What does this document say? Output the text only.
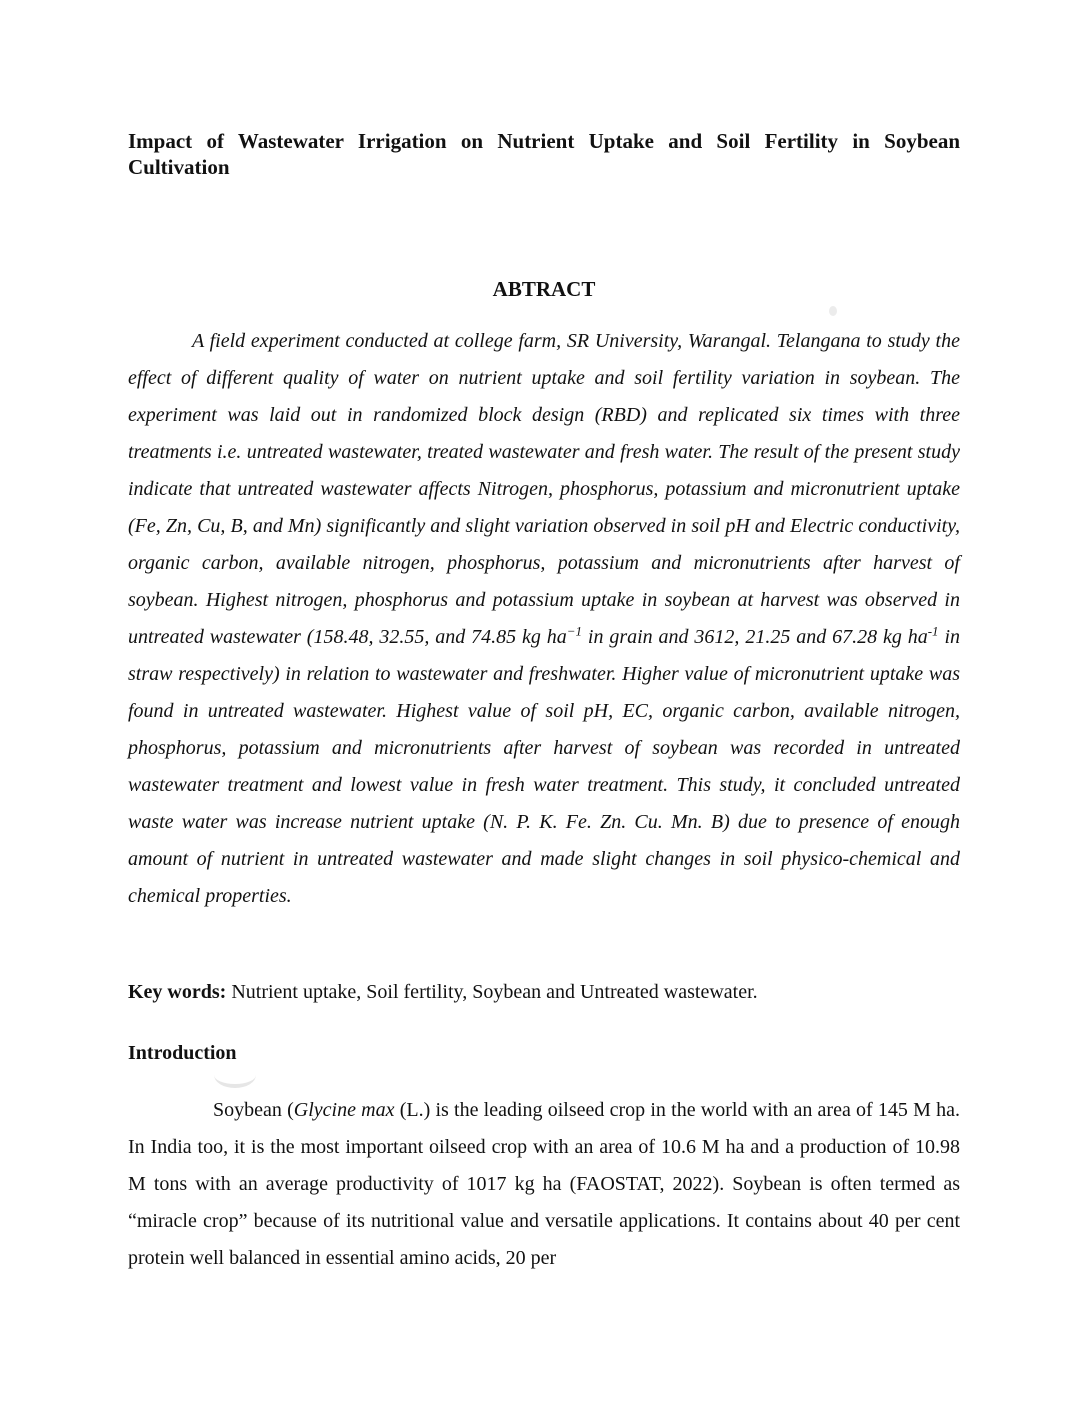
Impact of Wastewater Irrigation on Nutrient Uptake and Soil Fertility in Soybean Cultivation
ABTRACT

A field experiment conducted at college farm, SR University, Warangal. Telangana to study the effect of different quality of water on nutrient uptake and soil fertility variation in soybean. The experiment was laid out in randomized block design (RBD) and replicated six times with three treatments i.e. untreated wastewater, treated wastewater and fresh water. The result of the present study indicate that untreated wastewater affects Nitrogen, phosphorus, potassium and micronutrient uptake (Fe, Zn, Cu, B, and Mn) significantly and slight variation observed in soil pH and Electric conductivity, organic carbon, available nitrogen, phosphorus, potassium and micronutrients after harvest of soybean. Highest nitrogen, phosphorus and potassium uptake in soybean at harvest was observed in untreated wastewater (158.48, 32.55, and 74.85 kg $ha^{-1}$ in grain and 3612, 21.25 and 67.28 kg $ha^{-1}$ in straw respectively) in relation to wastewater and freshwater. Higher value of micronutrient uptake was found in untreated wastewater. Highest value of soil pH, EC, organic carbon, available nitrogen, phosphorus, potassium and micronutrients after harvest of soybean was recorded in untreated wastewater treatment and lowest value in fresh water treatment. This study, it concluded untreated waste water was increase nutrient uptake (N. P. K. Fe. Zn. Cu. Mn. B) due to presence of enough amount of nutrient in untreated wastewater and made slight changes in soil physico-chemical and chemical properties.

Key words: Nutrient uptake, Soil fertility, Soybean and Untreated wastewater.
Introduction

Soybean (Glycine max (L.) is the leading oilseed crop in the world with an area of 145 M ha. In India too, it is the most important oilseed crop with an area of 10.6 M ha and a production of 10.98 M tons with an average productivity of 1017 kg ha (FAOSTAT, 2022). Soybean is often termed as “miracle crop” because of its nutritional value and versatile applications. It contains about 40 per cent protein well balanced in essential amino acids, 20 per
